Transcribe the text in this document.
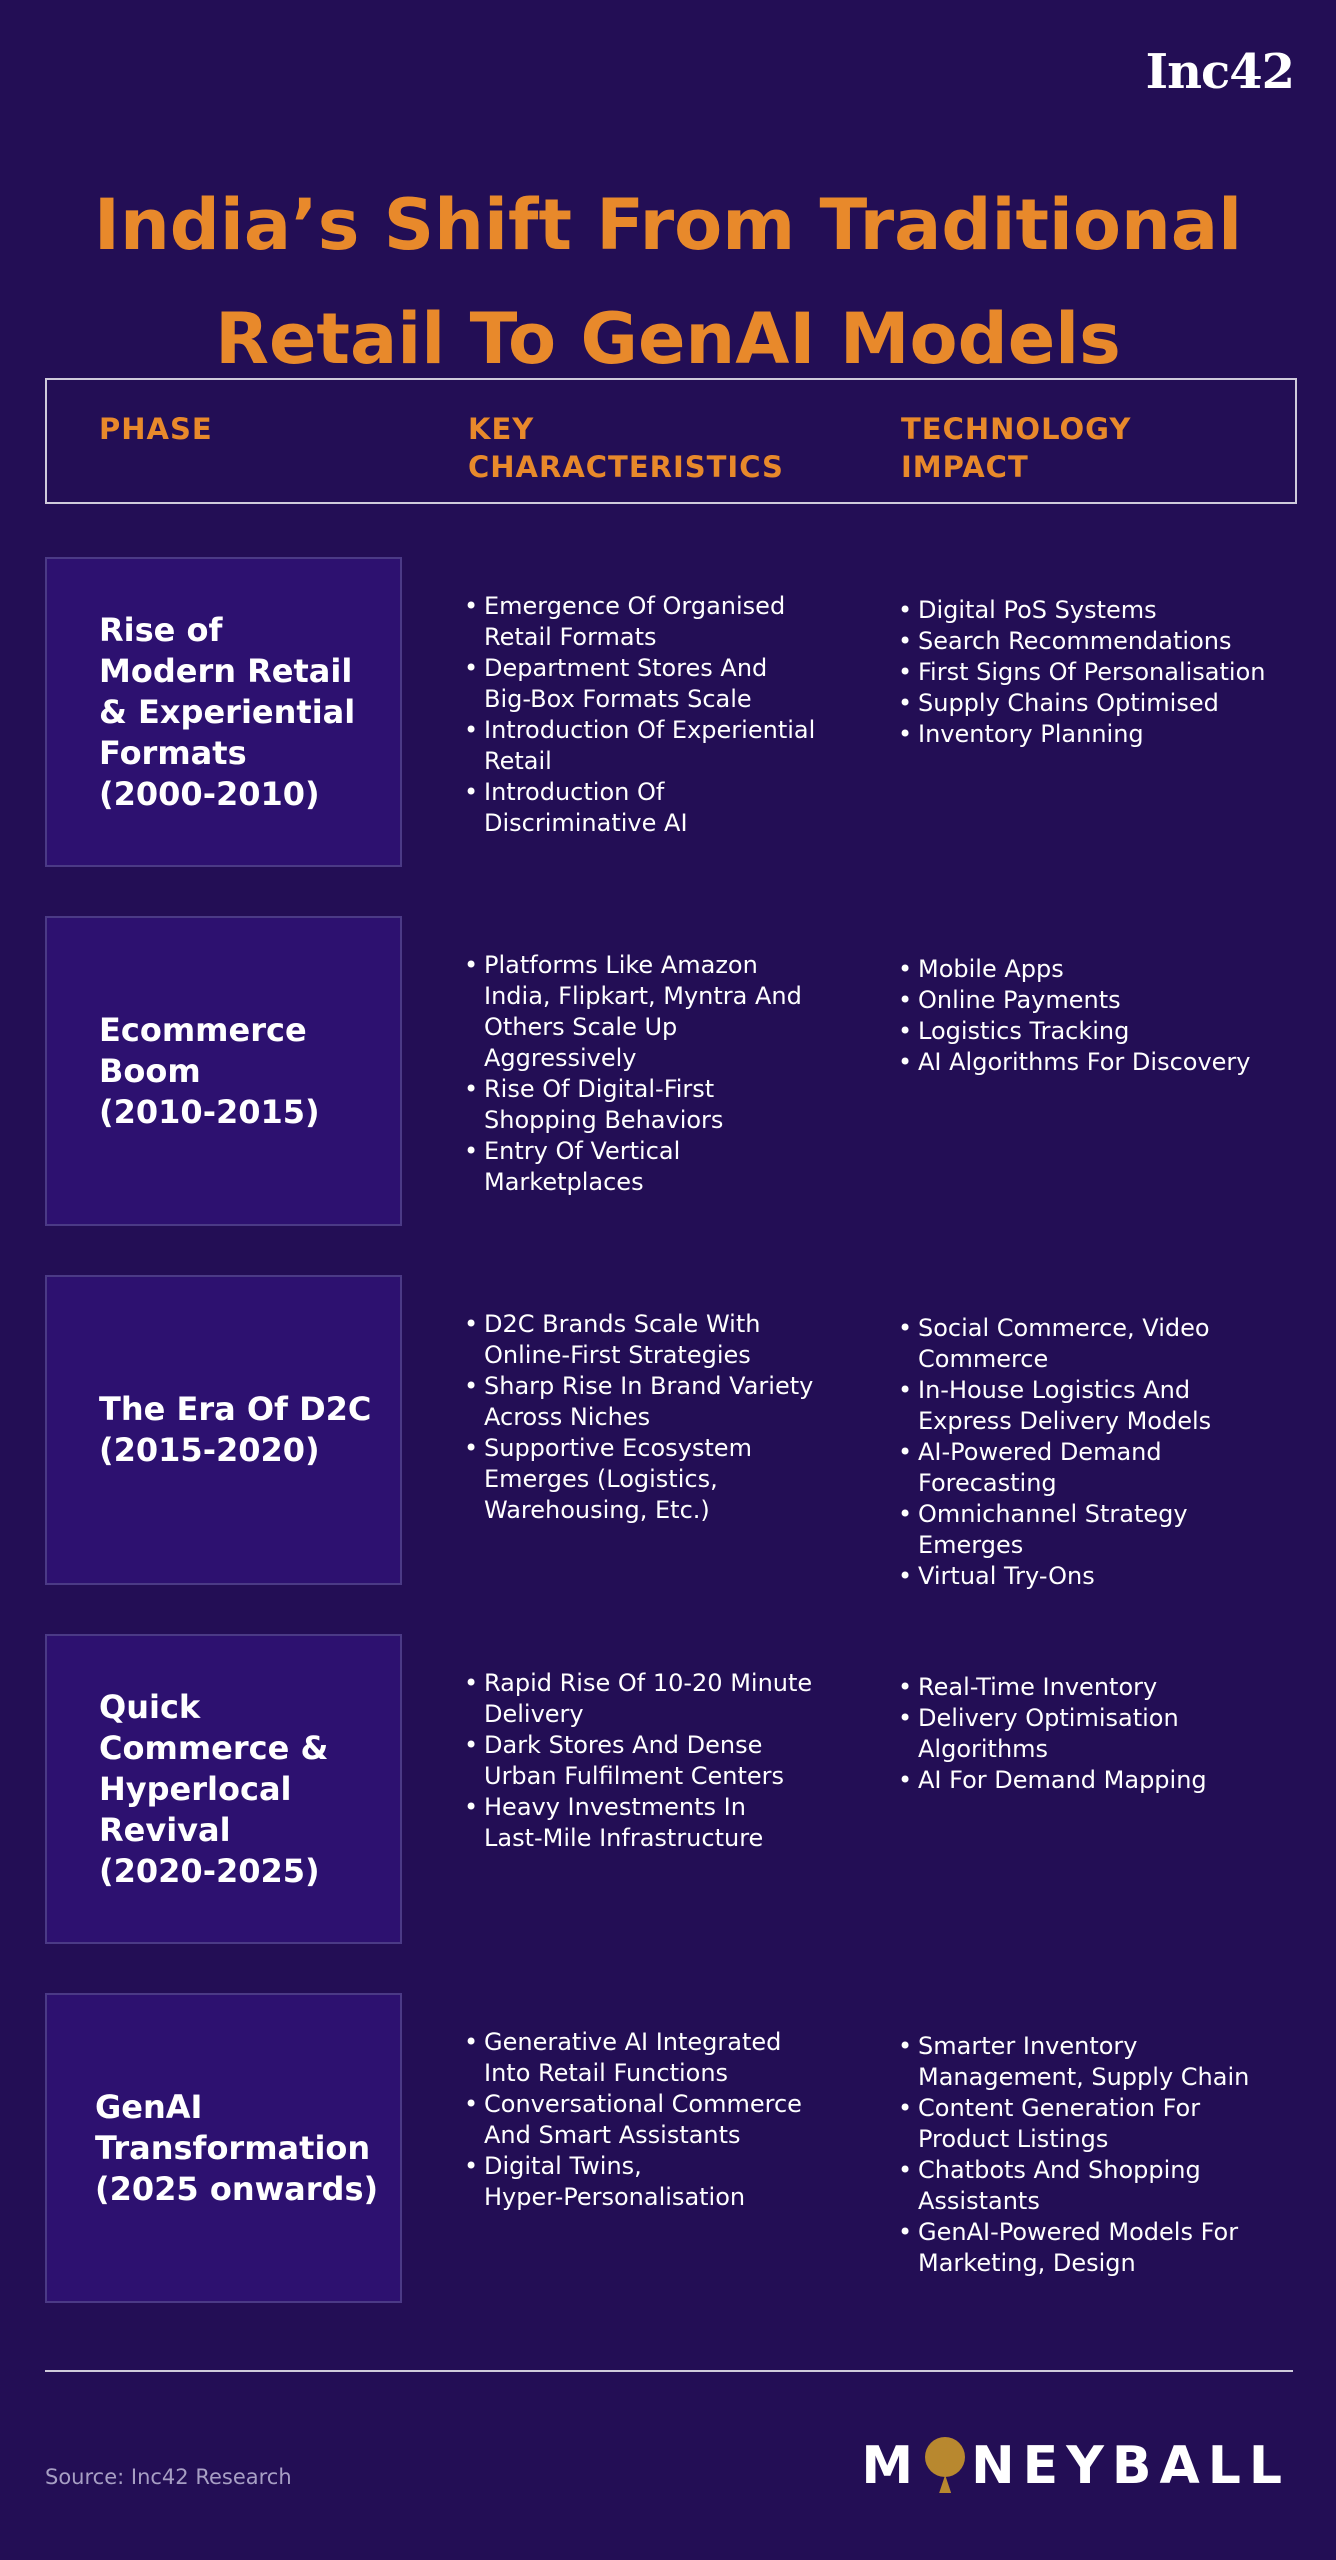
Inc42
India’s Shift From Traditional
Retail To GenAI Models
PHASE	KEY
CHARACTERISTICS
TECHNOLOGY
IMPACT
Rise of
Modern Retail
& Experiential
Formats
(2000-2010)
• Emergence Of Organised
Retail Formats
• Department Stores And
Big-Box Formats Scale
• Introduction Of Experiential
Retail
• Introduction Of
Discriminative AI
• Digital PoS Systems
• Search Recommendations
• First Signs Of Personalisation
• Supply Chains Optimised
• Inventory Planning
Ecommerce
Boom
(2010-2015)
• Platforms Like Amazon
India, Flipkart, Myntra And
Others Scale Up
Aggressively
• Rise Of Digital-First
Shopping Behaviors
• Entry Of Vertical
Marketplaces
• Mobile Apps
• Online Payments
• Logistics Tracking
• AI Algorithms For Discovery
The Era Of D2C
(2015-2020)
• D2C Brands Scale With
Online-First Strategies
• Sharp Rise In Brand Variety
Across Niches
• Supportive Ecosystem
Emerges (Logistics,
Warehousing, Etc.)
• Social Commerce, Video
Commerce
• In-House Logistics And
Express Delivery Models
• AI-Powered Demand
Forecasting
• Omnichannel Strategy
Emerges
• Virtual Try-Ons
Quick
Commerce &
Hyperlocal
Revival
(2020-2025)
• Rapid Rise Of 10-20 Minute
Delivery
• Dark Stores And Dense
Urban Fulfilment Centers
• Heavy Investments In
Last-Mile Infrastructure
• Real-Time Inventory
• Delivery Optimisation
Algorithms
• AI For Demand Mapping
GenAI
Transformation
(2025 onwards)
• Generative AI Integrated
Into Retail Functions
• Conversational Commerce
And Smart Assistants
• Digital Twins,
Hyper-Personalisation
• Smarter Inventory
Management, Supply Chain
• Content Generation For
Product Listings
• Chatbots And Shopping
Assistants
• GenAI-Powered Models For
Marketing, Design
Source: Inc42 Research	M NEYBALL
